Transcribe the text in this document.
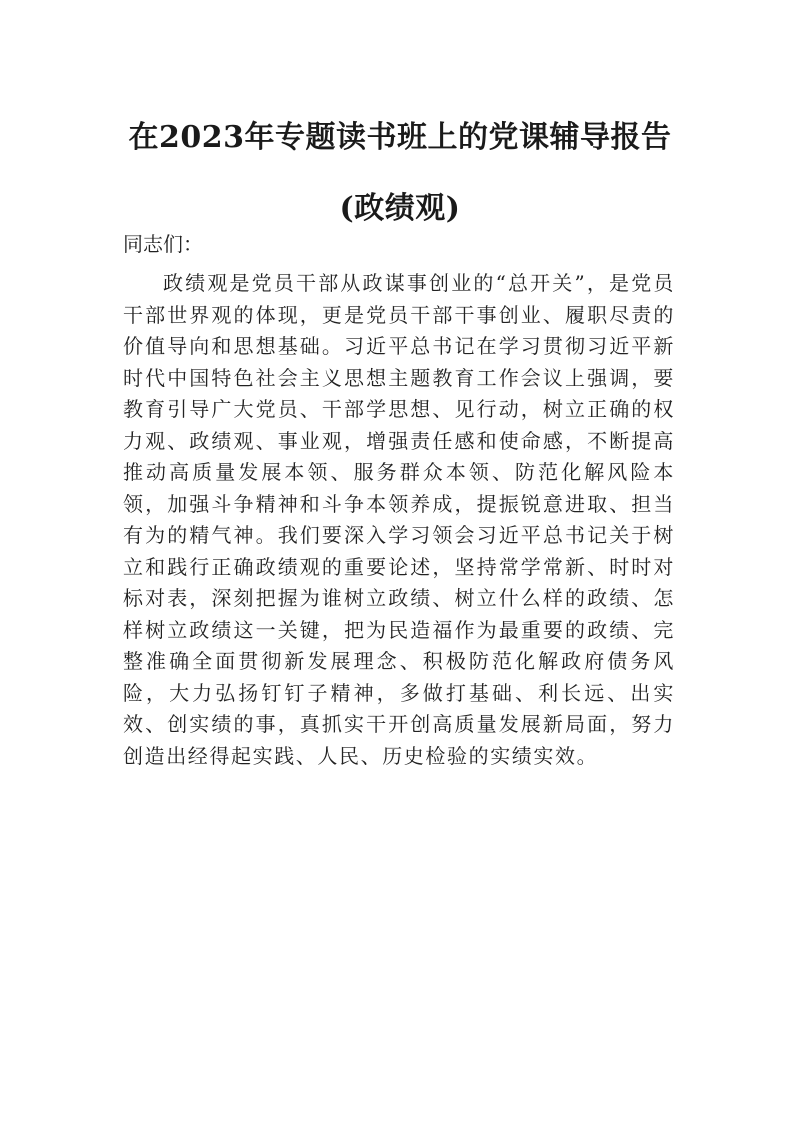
在2023年专题读书班上的党课辅导报告(政绩观)

同志们：

政绩观是党员干部从政谋事创业的“总开关”，是党员干部世界观的体现，更是党员干部干事创业、履职尽责的价值导向和思想基础。习近平总书记在学习贯彻习近平新时代中国特色社会主义思想主题教育工作会议上强调，要教育引导广大党员、干部学思想、见行动，树立正确的权力观、政绩观、事业观，增强责任感和使命感，不断提高推动高质量发展本领、服务群众本领、防范化解风险本领，加强斗争精神和斗争本领养成，提振锐意进取、担当有为的精气神。我们要深入学习领会习近平总书记关于树立和践行正确政绩观的重要论述，坚持常学常新、时时对标对表，深刻把握为谁树立政绩、树立什么样的政绩、怎样树立政绩这一关键，把为民造福作为最重要的政绩、完整准确全面贯彻新发展理念、积极防范化解政府债务风险，大力弘扬钉钉子精神，多做打基础、利长远、出实效、创实绩的事，真抓实干开创高质量发展新局面，努力创造出经得起实践、人民、历史检验的实绩实效。
